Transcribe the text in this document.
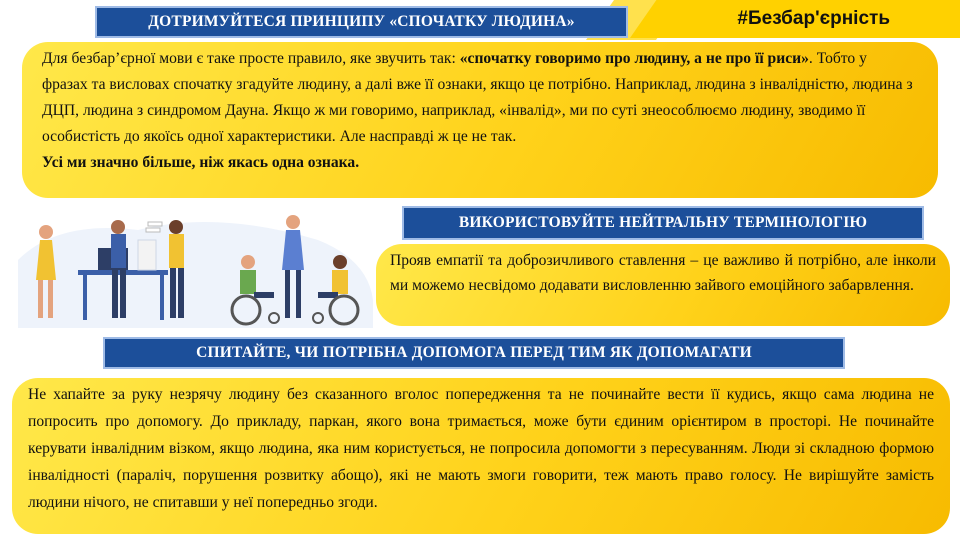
#Безбар'єрність
ДОТРИМУЙТЕСЯ ПРИНЦИПУ «СПОЧАТКУ ЛЮДИНА»
Для безбар’єрної мови є таке просте правило, яке звучить так: «спочатку говоримо про людину, а не про її риси». Тобто у фразах та висловах спочатку згадуйте людину, а далі вже її ознаки, якщо це потрібно. Наприклад, людина з інвалідністю, людина з ДЦП, людина з синдромом Дауна. Якщо ж ми говоримо, наприклад, «інвалід», ми по суті знеособлюємо людину, зводимо її особистість до якоїсь одної характеристики. Але насправді ж це не так.
Усі ми значно більше, ніж якась одна ознака.
ВИКОРИСТОВУЙТЕ НЕЙТРАЛЬНУ ТЕРМІНОЛОГІЮ
Прояв емпатії та доброзичливого ставлення – це важливо й потрібно, але інколи ми можемо несвідомо додавати висловленню зайвого емоційного забарвлення.
СПИТАЙТЕ, ЧИ ПОТРІБНА ДОПОМОГА ПЕРЕД ТИМ ЯК ДОПОМАГАТИ
Не хапайте за руку незрячу людину без сказанного вголос попередження та не починайте вести її кудись, якщо сама людина не попросить про допомогу. До прикладу, паркан, якого вона тримається, може бути єдиним орієнтиром в просторі. Не починайте керувати інвалідним візком, якщо людина, яка ним користується, не попросила допомогти з пересуванням. Люди зі складною формою інвалідності (параліч, порушення розвитку абощо), які не мають змоги говорити, теж мають право голосу. Не вирішуйте замість людини нічого, не спитавши у неї попередньо згоди.
